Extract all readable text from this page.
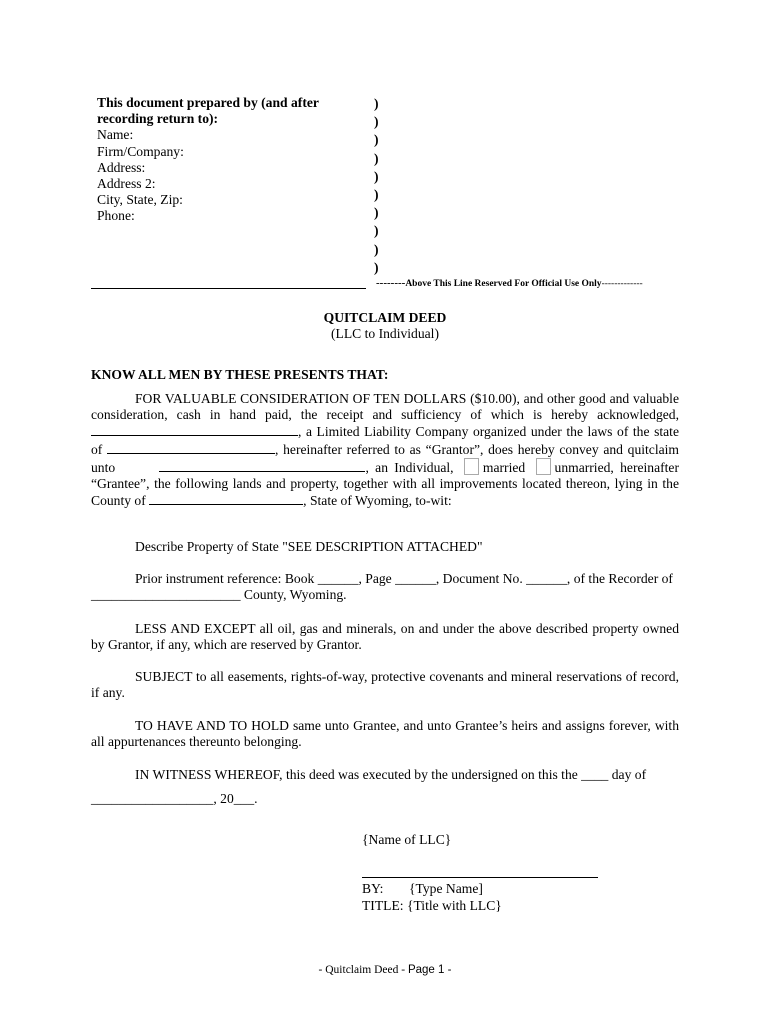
This document prepared by (and after recording return to):
Name:
Firm/Company:
Address:
Address 2:
City, State, Zip:
Phone:
)
)
)
)
)
)
)
)
)
)
--------Above This Line Reserved For Official Use Only-------------
QUITCLAIM DEED
(LLC to Individual)
KNOW ALL MEN BY THESE PRESENTS THAT:
FOR VALUABLE CONSIDERATION OF TEN DOLLARS ($10.00), and other good and valuable consideration, cash in hand paid, the receipt and sufficiency of which is hereby acknowledged, , a Limited Liability Company organized under the laws of the state of	, hereinafter referred to as “Grantor”, does hereby convey and quitclaim unto	, an Individual, married unmarried, hereinafter “Grantee”, the following lands and property, together with all improvements located thereon, lying in the County of	, State of Wyoming, to-wit:
Describe Property of State "SEE DESCRIPTION ATTACHED"
Prior instrument reference: Book ______, Page ______, Document No. ______, of the Recorder of
______________________ County, Wyoming.
LESS AND EXCEPT all oil, gas and minerals, on and under the above described property owned by Grantor, if any, which are reserved by Grantor.
SUBJECT to all easements, rights-of-way, protective covenants and mineral reservations of record, if any.
TO HAVE AND TO HOLD same unto Grantee, and unto Grantee’s heirs and assigns forever, with all appurtenances thereunto belonging.
IN WITNESS WHEREOF, this deed was executed by the undersigned on this the ____ day of
__________________, 20___.
{Name of LLC}
BY: {Type Name]
TITLE: {Title with LLC}
- Quitclaim Deed - Page 1 -
